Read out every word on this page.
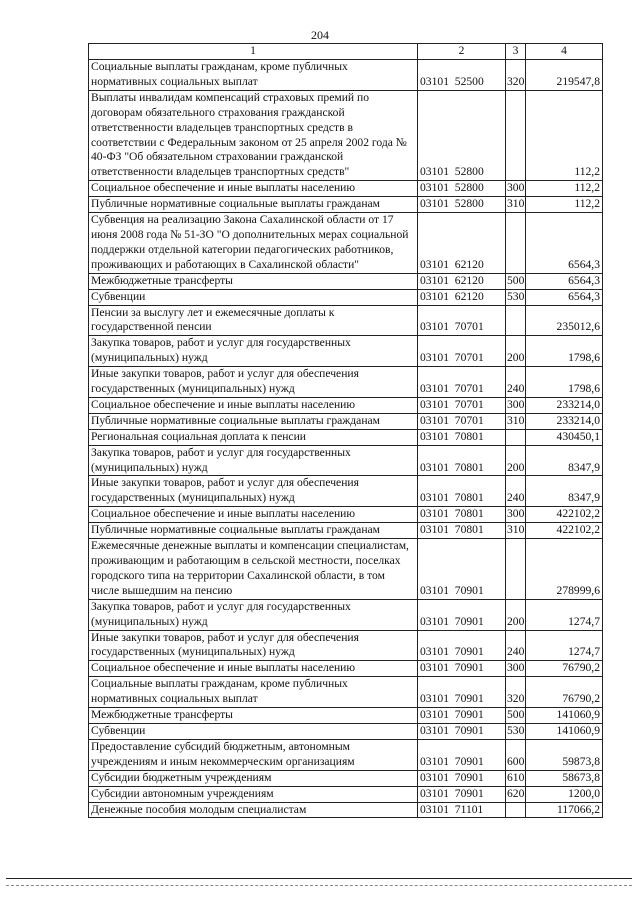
204
1	2	3	4
Социальные выплаты гражданам, кроме публичных нормативных социальных выплат	03101  52500	320	219547,8
Выплаты инвалидам компенсаций страховых премий по договорам обязательного страхования гражданской ответственности владельцев транспортных средств в соответствии с Федеральным законом от 25 апреля 2002 года № 40-ФЗ "Об обязательном страховании гражданской ответственности владельцев транспортных средств"	03101  52800		112,2
Социальное обеспечение и иные выплаты населению	03101  52800	300	112,2
Публичные нормативные социальные выплаты гражданам	03101  52800	310	112,2
Субвенция на реализацию Закона Сахалинской области от 17 июня 2008 года № 51-ЗО "О дополнительных мерах социальной поддержки отдельной категории педагогических работников, проживающих и работающих в Сахалинской области"	03101  62120		6564,3
Межбюджетные трансферты	03101  62120	500	6564,3
Субвенции	03101  62120	530	6564,3
Пенсии за выслугу лет и ежемесячные доплаты к государственной пенсии	03101  70701		235012,6
Закупка товаров, работ и услуг для государственных (муниципальных) нужд	03101  70701	200	1798,6
Иные закупки товаров, работ и услуг для обеспечения государственных (муниципальных) нужд	03101  70701	240	1798,6
Социальное обеспечение и иные выплаты населению	03101  70701	300	233214,0
Публичные нормативные социальные выплаты гражданам	03101  70701	310	233214,0
Региональная социальная доплата к пенсии	03101  70801		430450,1
Закупка товаров, работ и услуг для государственных (муниципальных) нужд	03101  70801	200	8347,9
Иные закупки товаров, работ и услуг для обеспечения государственных (муниципальных) нужд	03101  70801	240	8347,9
Социальное обеспечение и иные выплаты населению	03101  70801	300	422102,2
Публичные нормативные социальные выплаты гражданам	03101  70801	310	422102,2
Ежемесячные денежные выплаты и компенсации специалистам, проживающим и работающим в сельской местности, поселках городского типа на территории Сахалинской области, в том числе вышедшим на пенсию	03101  70901		278999,6
Закупка товаров, работ и услуг для государственных (муниципальных) нужд	03101  70901	200	1274,7
Иные закупки товаров, работ и услуг для обеспечения государственных (муниципальных) нужд	03101  70901	240	1274,7
Социальное обеспечение и иные выплаты населению	03101  70901	300	76790,2
Социальные выплаты гражданам, кроме публичных нормативных социальных выплат	03101  70901	320	76790,2
Межбюджетные трансферты	03101  70901	500	141060,9
Субвенции	03101  70901	530	141060,9
Предоставление субсидий бюджетным, автономным учреждениям и иным некоммерческим организациям	03101  70901	600	59873,8
Субсидии бюджетным учреждениям	03101  70901	610	58673,8
Субсидии автономным учреждениям	03101  70901	620	1200,0
Денежные пособия молодым специалистам	03101  71101		117066,2
